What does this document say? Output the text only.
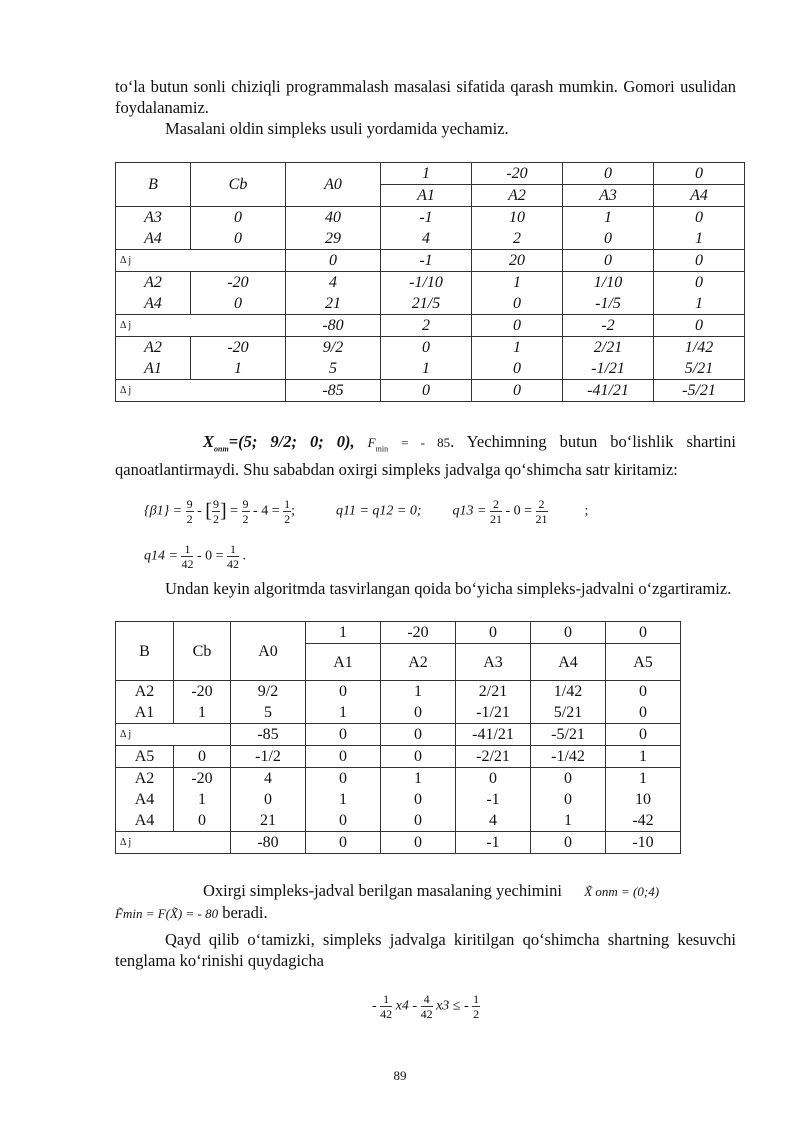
to‘la butun sonli chiziqli programmalash masalasi sifatida qarash mumkin. Gomori usulidan foydalanamiz.

Masalani oldin simpleks usuli yordamida yechamiz.

B	Cb	A0	1	-20	0	0
			A1	A2	A3	A4
A3	0	40	-1	10	1	0
A4	0	29	4	2	0	1
Δ j		0	-1	20	0	0
A2	-20	4	-1/10	1	1/10	0
A4	0	21	21/5	0	-1/5	1
Δ j		-80	2	0	-2	0
A2	-20	9/2	0	1	2/21	1/42
A1	1	5	1	0	-1/21	5/21
Δ j		-85	0	0	-41/21	-5/21

$X_{опт}=(5$; 9/2; 0; 0), $F_{min}$ = - 85. Yechimning butun bo‘lishlik shartini qanoatlantirmaydi. Shu sababdan oxirgi simpleks jadvalga qo‘shimcha satr kiritamiz:

$\{\beta 1\} = \frac{9}{2}$ - [ $\frac{9}{2}$ ] = $\frac{9}{2} - 4 = \frac{1}{2}$ ;	q11 = q12 = 0; $q13 = \frac{2}{21} - 0 = \frac{2}{21}$	;
$q14 = \frac{1}{42} - 0 = \frac{1}{42}$ .

Undan keyin algoritmda tasvirlangan qoida bo‘yicha simpleks-jadvalni o‘zgartiramiz.

B	Cb	A0	1	-20	0	0	0
			A1	A2	A3	A4	A5
A2	-20	9/2	0	1	2/21	1/42	0
A1	1	5	1	0	-1/21	5/21	0
Δ j		-85	0	0	-41/21	-5/21	0
A5	0	-1/2	0	0	-2/21	-1/42	1
A2	-20	4	0	1	0	0	1
A4	1	0	1	0	-1	0	10
A4	0	21	0	0	4	1	-42
Δ j		-80	0	0	-1	0	-10

Oxirgi simpleks-jadval berilgan masalaning yechimini X̃ опт = (0;4)
F̃min = F(X̃) = - 80 beradi.

Qayd qilib o‘tamizki, simpleks jadvalga kiritilgan qo‘shimcha shartning kesuvchi tenglama ko‘rinishi quydagicha

- $\frac{1}{42} x4 - \frac{4}{42} x3$ ≤ - $\frac{1}{2}$
89
